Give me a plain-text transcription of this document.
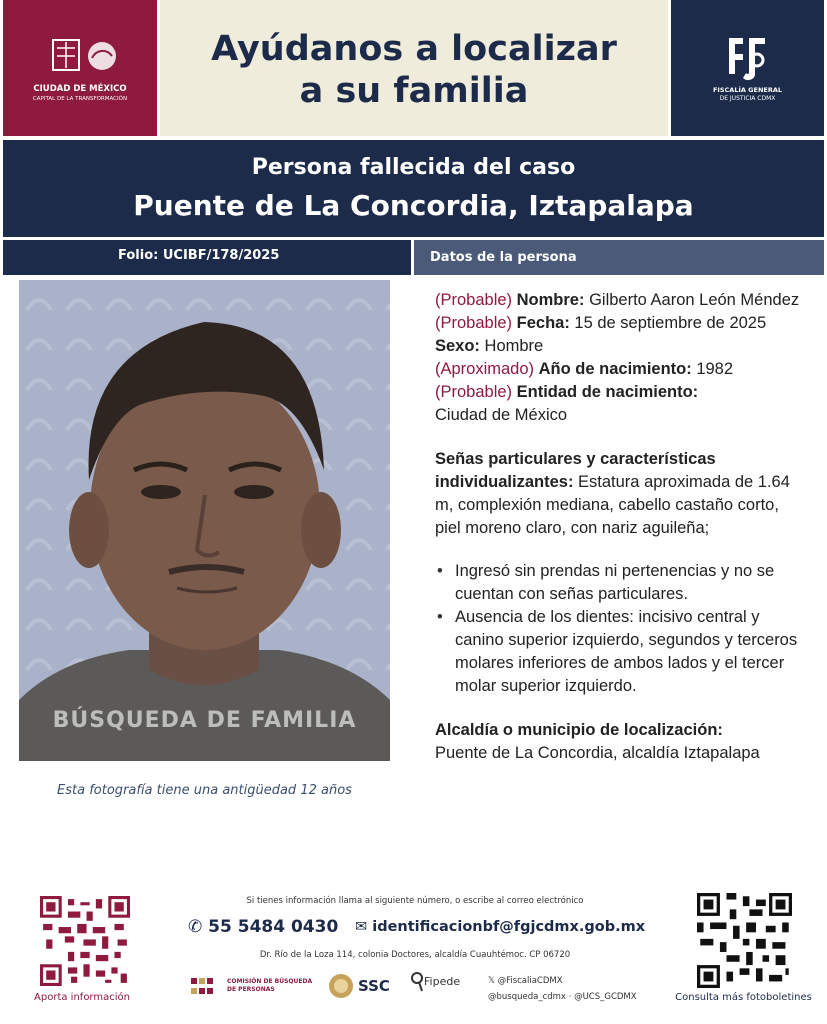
CIUDAD DE MÉXICO
CAPITAL DE LA TRANSFORMACIÓN
Ayúdanos a localizar
a su familia	FISCALÍA GENERAL
DE JUSTICIA CDMX
Persona fallecida del caso
Puente de La Concordia, Iztapalapa
Folio: UCIBF/178/2025	Datos de la persona
BÚSQUEDA DE FAMILIA
Esta fotografía tiene una antigüedad 12 años
(Probable) Nombre: Gilberto Aaron León Méndez
(Probable) Fecha: 15 de septiembre de 2025
Sexo: Hombre
(Aproximado) Año de nacimiento: 1982
(Probable) Entidad de nacimiento:
Ciudad de México
Señas particulares y características individualizantes: Estatura aproximada de 1.64 m, complexión mediana, cabello castaño corto, piel moreno claro, con nariz aguileña;
• Ingresó sin prendas ni pertenencias y no se cuentan con señas particulares.
• Ausencia de los dientes: incisivo central y canino superior izquierdo, segundos y terceros molares inferiores de ambos lados y el tercer molar superior izquierdo.
Alcaldía o municipio de localización:
Puente de La Concordia, alcaldía Iztapalapa
Aporta información
Si tienes información llama al siguiente número, o escribe al correo electrónico
✆ 55 5484 0430 ✉ identificacionbf@fgjcdmx.gob.mx
Dr. Río de la Loza 114, colonia Doctores, alcaldía Cuauhtémoc. CP 06720
COMISIÓN DE BÚSQUEDA DE PERSONAS	SSC	Fipede	𝕏 @FiscaliaCDMX
@busqueda_cdmx · @UCS_GCDMX	Consulta más fotoboletines
